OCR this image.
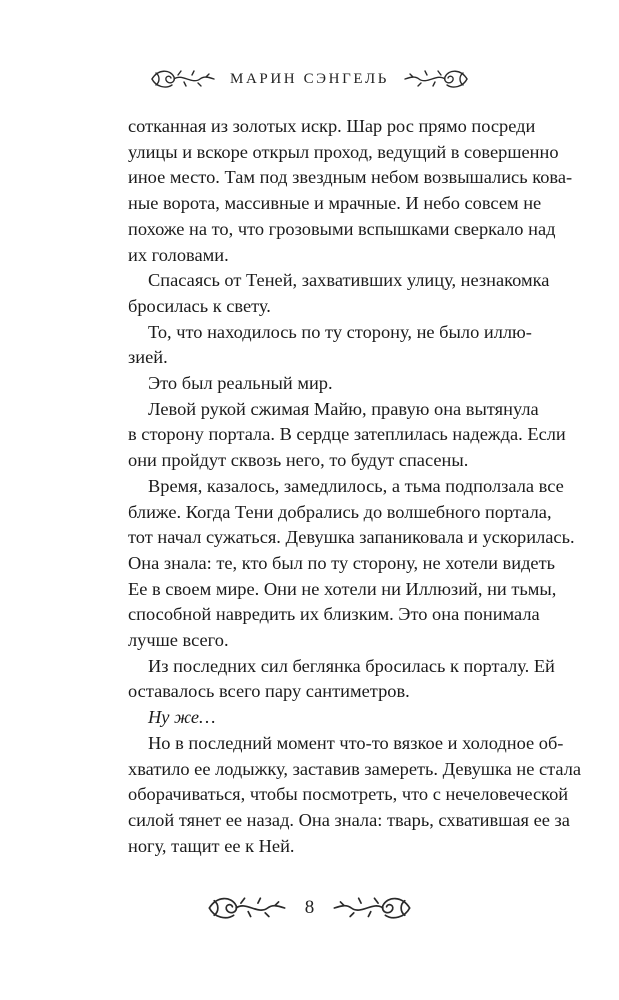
МАРИН СЭНГЕЛЬ
сотканная из золотых искр. Шар рос прямо посреди
улицы и вскоре открыл проход, ведущий в совершенно
иное место. Там под звездным небом возвышались кова-
ные ворота, массивные и мрачные. И небо совсем не
похоже на то, что грозовыми вспышками сверкало над
их головами.
Спасаясь от Теней, захвативших улицу, незнакомка
бросилась к свету.
То, что находилось по ту сторону, не было иллю-
зией.
Это был реальный мир.
Левой рукой сжимая Майю, правую она вытянула
в сторону портала. В сердце затеплилась надежда. Если
они пройдут сквозь него, то будут спасены.
Время, казалось, замедлилось, а тьма подползала все
ближе. Когда Тени добрались до волшебного портала,
тот начал сужаться. Девушка запаниковала и ускорилась.
Она знала: те, кто был по ту сторону, не хотели видеть
Ее в своем мире. Они не хотели ни Иллюзий, ни тьмы,
способной навредить их близким. Это она понимала
лучше всего.
Из последних сил беглянка бросилась к порталу. Ей
оставалось всего пару сантиметров.
Ну же…
Но в последний момент что-то вязкое и холодное об-
хватило ее лодыжку, заставив замереть. Девушка не стала
оборачиваться, чтобы посмотреть, что с нечеловеческой
силой тянет ее назад. Она знала: тварь, схватившая ее за
ногу, тащит ее к Ней.
8
